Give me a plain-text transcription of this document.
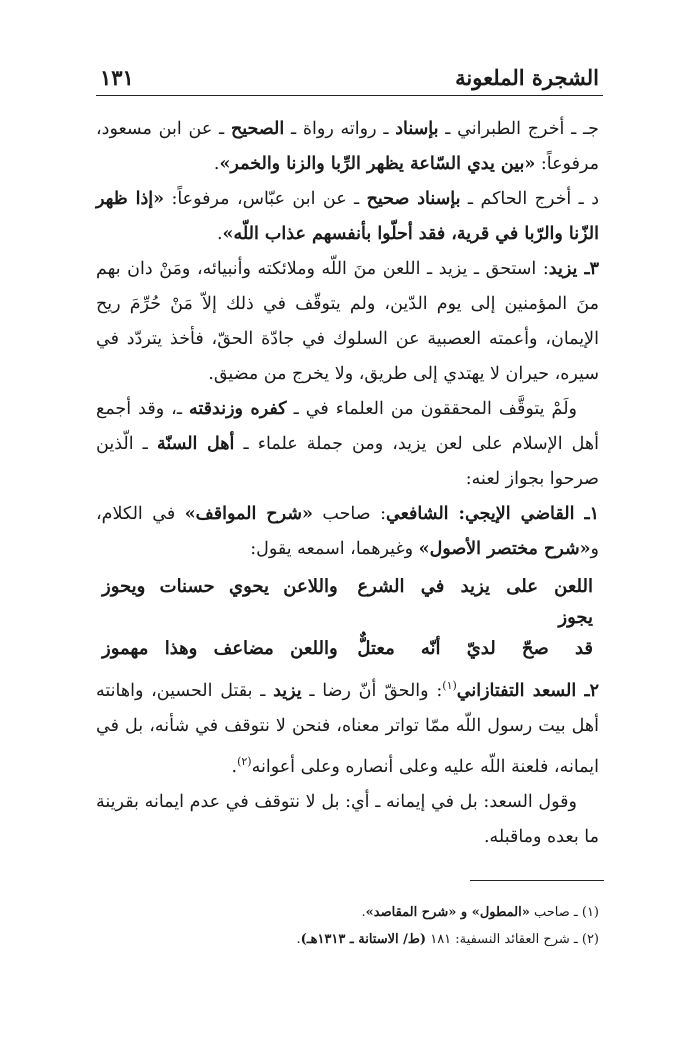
الشجرة الملعونة
١٣١

جـ ـ أخرج الطبراني ـ بإسناد ـ رواته رواة ـ الصحيح ـ عن ابن مسعود، مرفوعاً: «بين يدي السّاعة يظهر الرِّبا والزنا والخمر».

د ـ أخرج الحاكم ـ بإسناد صحيح ـ عن ابن عبّاس، مرفوعاً: «إذا ظهر الزّنا والرّبا في قرية، فقد أحلّوا بأنفسهم عذاب اللّه».

٣ـ يزيد: استحق ـ يزيد ـ اللعن منَ اللّه وملائكته وأنبيائه، ومَنْ دان بهم منَ المؤمنين إلى يوم الدّين، ولم يتوقّف في ذلك إلاّ مَنْ حُرِّمَ ريح الإيمان، وأعمته العصبية عن السلوك في جادّة الحقّ، فأخذ يتردّد في سيره، حيران لا يهتدي إلى طريق، ولا يخرج من مضيق.

ولَمْ يتوقَّف المحققون من العلماء في ـ كفره وزندقته ـ، وقد أجمع أهل الإسلام على لعن يزيد، ومن جملة علماء ـ أهل السنّة ـ الّذين صرحوا بجواز لعنه:

١ـ القاضي الإيجي: الشافعي: صاحب «شرح المواقف» في الكلام، و«شرح مختصر الأصول» وغيرهما، اسمعه يقول:

اللعن على يزيد في الشرع يجوز
واللاعن يحوي حسنات ويحوز
قد صحّ لديّ أنّه معتلٌّ
واللعن مضاعف وهذا مهموز

٢ـ السعد التفتازاني$^{(١)}$: والحقّ أنّ رضا ـ يزيد ـ بقتل الحسين، واهانته أهل بيت رسول اللّه ممّا تواتر معناه، فنحن لا نتوقف في شأنه، بل في ايمانه، فلعنة اللّه عليه وعلى أنصاره وعلى أعوانه$^{(٢)}$.

وقول السعد: بل في إيمانه ـ أي: بل لا نتوقف في عدم ايمانه بقرينة ما بعده وماقبله.

(١) ـ صاحب «المطول» و «شرح المقاصد».

(٢) ـ شرح العقائد النسفية: ١٨١ (ط/ الاستانة ـ ١٣١٣هـ).
